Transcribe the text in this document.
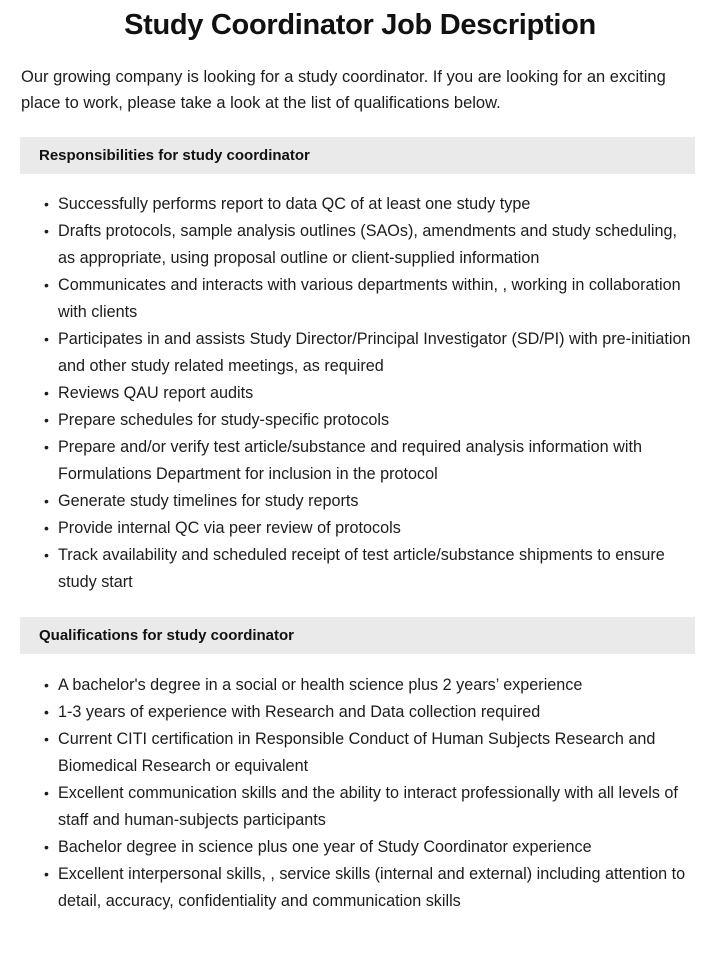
Study Coordinator Job Description

Our growing company is looking for a study coordinator. If you are looking for an exciting place to work, please take a look at the list of qualifications below.

Responsibilities for study coordinator
• Successfully performs report to data QC of at least one study type
• Drafts protocols, sample analysis outlines (SAOs), amendments and study scheduling, as appropriate, using proposal outline or client-supplied information
• Communicates and interacts with various departments within, , working in collaboration with clients
• Participates in and assists Study Director/Principal Investigator (SD/PI) with pre-initiation and other study related meetings, as required
• Reviews QAU report audits
• Prepare schedules for study-specific protocols
• Prepare and/or verify test article/substance and required analysis information with Formulations Department for inclusion in the protocol
• Generate study timelines for study reports
• Provide internal QC via peer review of protocols
• Track availability and scheduled receipt of test article/substance shipments to ensure study start
Qualifications for study coordinator
• A bachelor's degree in a social or health science plus 2 years’ experience
• 1-3 years of experience with Research and Data collection required
• Current CITI certification in Responsible Conduct of Human Subjects Research and Biomedical Research or equivalent
• Excellent communication skills and the ability to interact professionally with all levels of staff and human-subjects participants
• Bachelor degree in science plus one year of Study Coordinator experience
• Excellent interpersonal skills, , service skills (internal and external) including attention to detail, accuracy, confidentiality and communication skills
